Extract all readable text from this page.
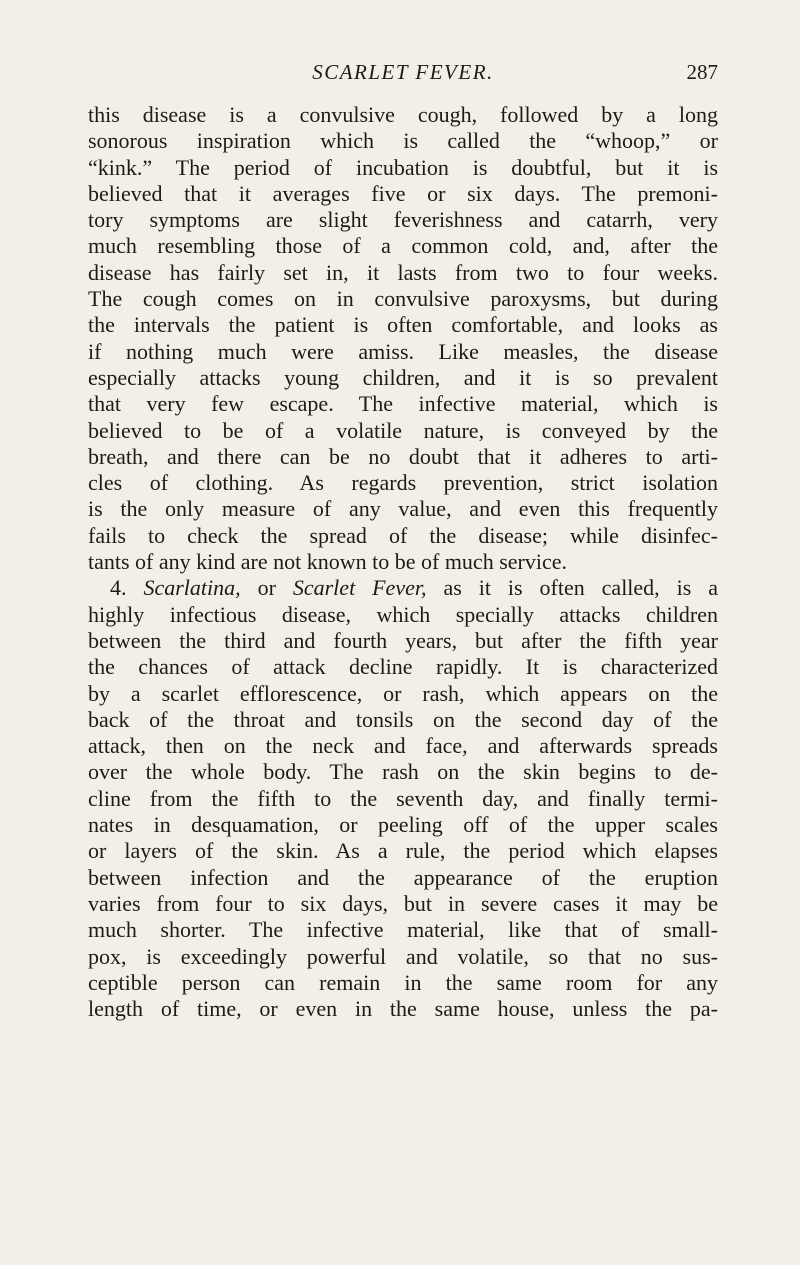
SCARLET FEVER.	287
this disease is a convulsive cough, followed by a long
sonorous inspiration which is called the “whoop,” or
“kink.” The period of incubation is doubtful, but it is
believed that it averages five or six days. The premoni-
tory symptoms are slight feverishness and catarrh, very
much resembling those of a common cold, and, after the
disease has fairly set in, it lasts from two to four weeks.
The cough comes on in convulsive paroxysms, but during
the intervals the patient is often comfortable, and looks as
if nothing much were amiss. Like measles, the disease
especially attacks young children, and it is so prevalent
that very few escape. The infective material, which is
believed to be of a volatile nature, is conveyed by the
breath, and there can be no doubt that it adheres to arti-
cles of clothing. As regards prevention, strict isolation
is the only measure of any value, and even this frequently
fails to check the spread of the disease; while disinfec-
tants of any kind are not known to be of much service.
4. Scarlatina, or Scarlet Fever, as it is often called, is a
highly infectious disease, which specially attacks children
between the third and fourth years, but after the fifth year
the chances of attack decline rapidly. It is characterized
by a scarlet efflorescence, or rash, which appears on the
back of the throat and tonsils on the second day of the
attack, then on the neck and face, and afterwards spreads
over the whole body. The rash on the skin begins to de-
cline from the fifth to the seventh day, and finally termi-
nates in desquamation, or peeling off of the upper scales
or layers of the skin. As a rule, the period which elapses
between infection and the appearance of the eruption
varies from four to six days, but in severe cases it may be
much shorter. The infective material, like that of small-
pox, is exceedingly powerful and volatile, so that no sus-
ceptible person can remain in the same room for any
length of time, or even in the same house, unless the pa-
